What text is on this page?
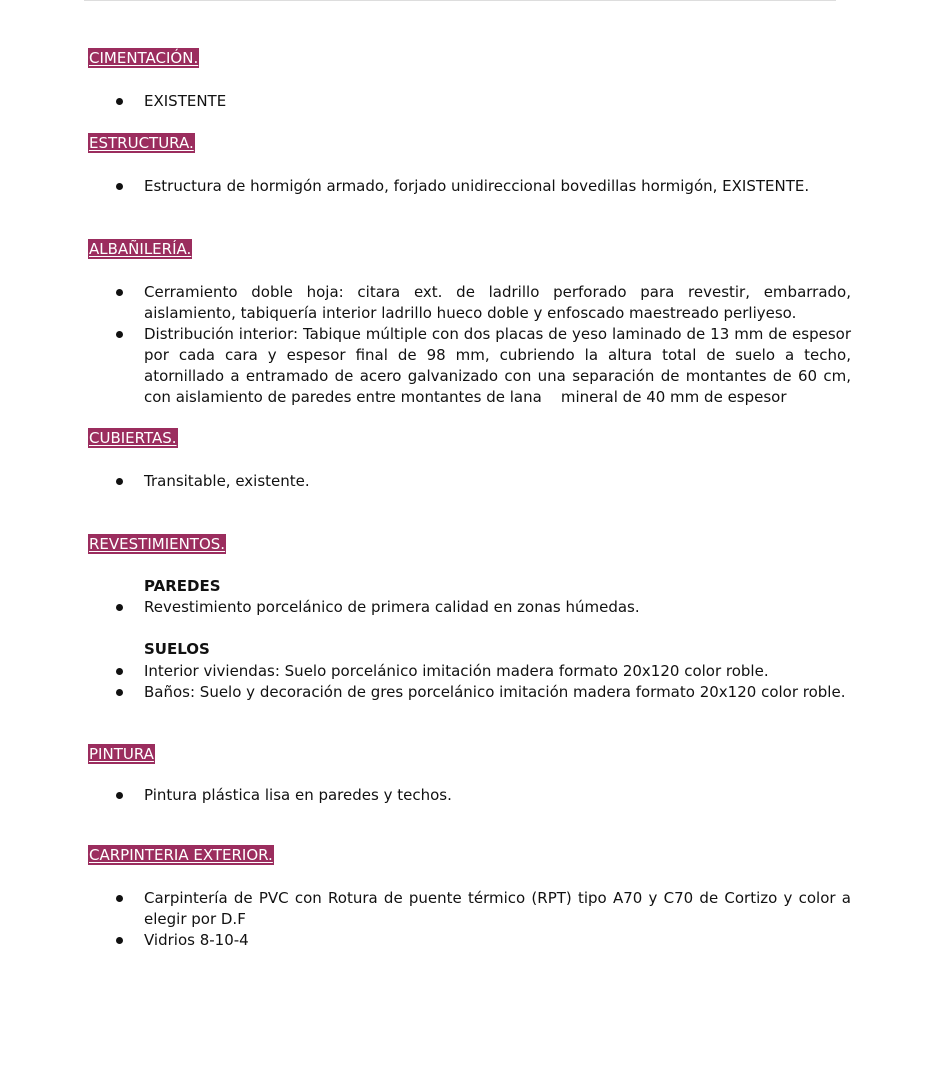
CIMENTACIÓN.
EXISTENTE
ESTRUCTURA.
Estructura de hormigón armado, forjado unidireccional bovedillas hormigón, EXISTENTE.
ALBAÑILERÍA.
Cerramiento doble hoja: citara ext. de ladrillo perforado para revestir, embarrado, aislamiento, tabiquería interior ladrillo hueco doble y enfoscado maestreado perliyeso.
Distribución interior: Tabique múltiple con dos placas de yeso laminado de 13 mm de espesor por cada cara y espesor final de 98 mm, cubriendo la altura total de suelo a techo, atornillado a entramado de acero galvanizado con una separación de montantes de 60 cm, con aislamiento de paredes entre montantes de lana    mineral de 40 mm de espesor
CUBIERTAS.
Transitable, existente.
REVESTIMIENTOS.
PAREDES
Revestimiento porcelánico de primera calidad en zonas húmedas.
SUELOS
Interior viviendas: Suelo porcelánico imitación madera formato 20x120 color roble.
Baños: Suelo y decoración de gres porcelánico imitación madera formato 20x120 color roble.
PINTURA
Pintura plástica lisa en paredes y techos.
CARPINTERIA EXTERIOR.
Carpintería de PVC con Rotura de puente térmico (RPT) tipo A70 y C70 de Cortizo y color a elegir por D.F
Vidrios 8-10-4
